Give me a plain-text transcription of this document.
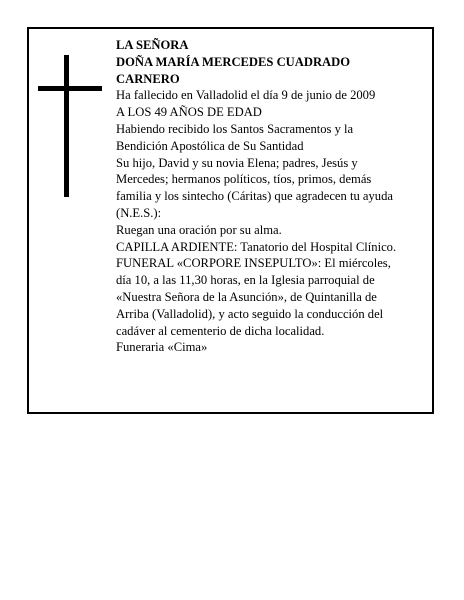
LA SEÑORA
DOÑA MARÍA MERCEDES CUADRADO
CARNERO
Ha fallecido en Valladolid el día 9 de junio de 2009
A LOS 49 AÑOS DE EDAD
Habiendo recibido los Santos Sacramentos y la
Bendición Apostólica de Su Santidad
Su hijo, David y su novia Elena; padres, Jesús y
Mercedes; hermanos políticos, tíos, primos, demás
familia y los sintecho (Cáritas) que agradecen tu ayuda
(N.E.S.):
Ruegan una oración por su alma.
CAPILLA ARDIENTE: Tanatorio del Hospital Clínico.
FUNERAL «CORPORE INSEPULTO»: El miércoles,
día 10, a las 11,30 horas, en la Iglesia parroquial de
«Nuestra Señora de la Asunción», de Quintanilla de
Arriba (Valladolid), y acto seguido la conducción del
cadáver al cementerio de dicha localidad.
Funeraria «Cima»
